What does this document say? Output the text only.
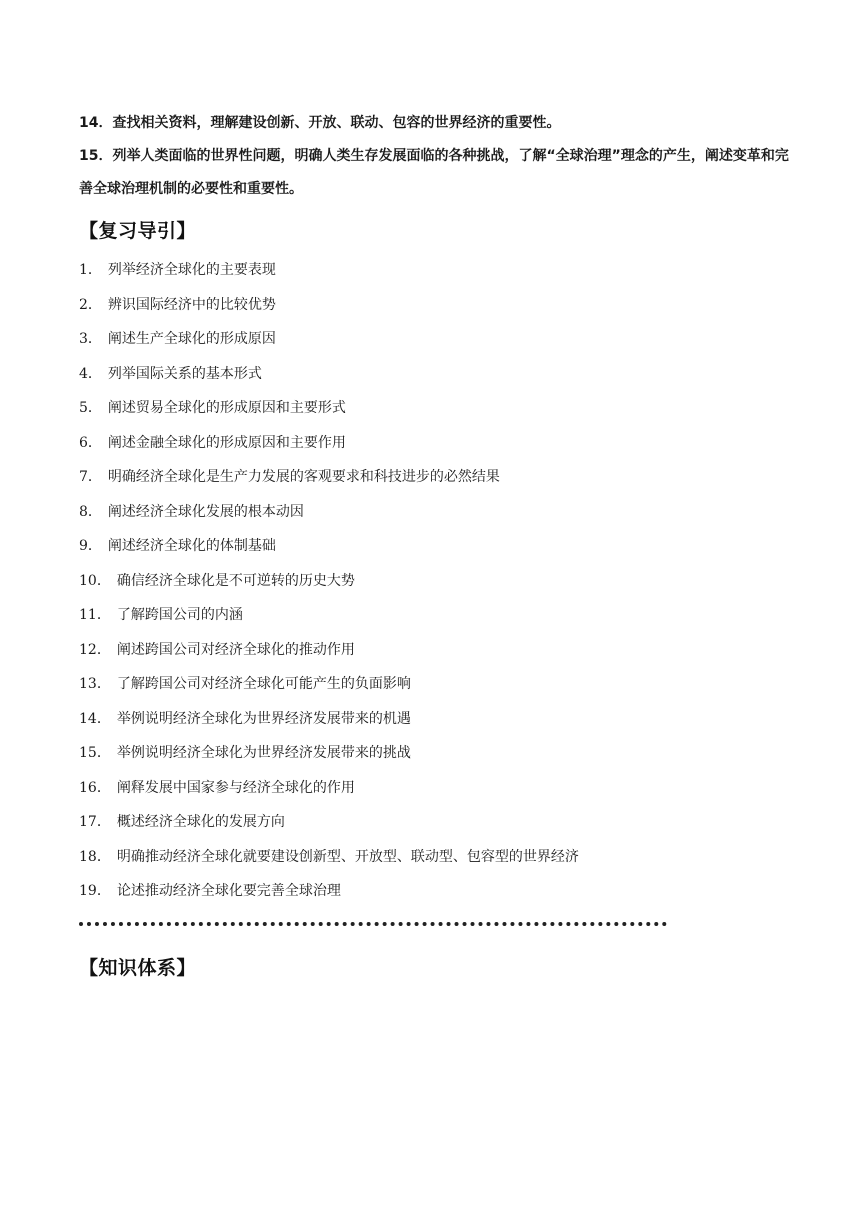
14．查找相关资料，理解建设创新、开放、联动、包容的世界经济的重要性。

15．列举人类面临的世界性问题，明确人类生存发展面临的各种挑战，了解“全球治理”理念的产生，阐述变革和完善全球治理机制的必要性和重要性。

【复习导引】
1． 列举经济全球化的主要表现
2． 辨识国际经济中的比较优势
3． 阐述生产全球化的形成原因
4． 列举国际关系的基本形式
5． 阐述贸易全球化的形成原因和主要形式
6． 阐述金融全球化的形成原因和主要作用
7． 明确经济全球化是生产力发展的客观要求和科技进步的必然结果
8． 阐述经济全球化发展的根本动因
9． 阐述经济全球化的体制基础
10． 确信经济全球化是不可逆转的历史大势
11． 了解跨国公司的内涵
12． 阐述跨国公司对经济全球化的推动作用
13． 了解跨国公司对经济全球化可能产生的负面影响
14． 举例说明经济全球化为世界经济发展带来的机遇
15． 举例说明经济全球化为世界经济发展带来的挑战
16． 阐释发展中国家参与经济全球化的作用
17． 概述经济全球化的发展方向
18． 明确推动经济全球化就要建设创新型、开放型、联动型、包容型的世界经济
19． 论述推动经济全球化要完善全球治理
【知识体系】
